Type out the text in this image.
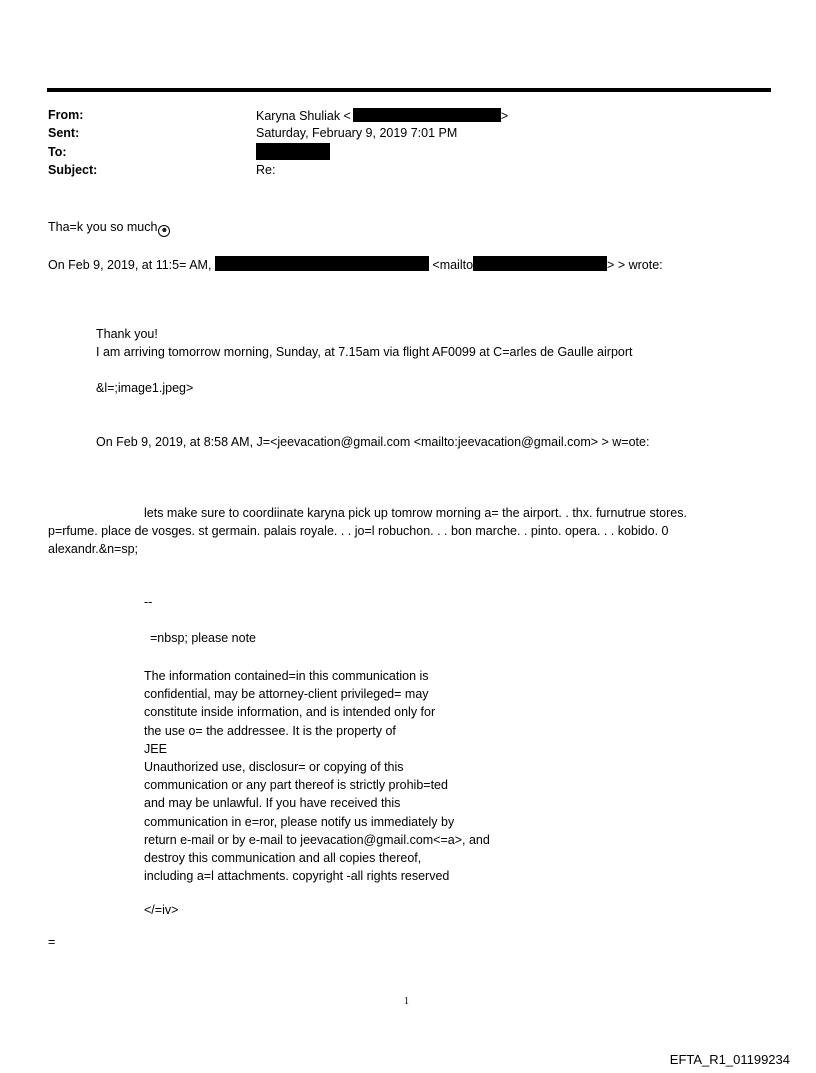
From:	Karyna Shuliak <	>
Sent:	Saturday, February 9, 2019 7:01 PM
To:
Subject:	Re:
Tha=k you so much ☻
On Feb 9, 2019, at 11:5= AM,	<mailto	> > wrote:
Thank you!
I am arriving tomorrow morning, Sunday, at 7.15am via flight AF0099 at C=arles de Gaulle airport
&l=;image1.jpeg>
On Feb 9, 2019, at 8:58 AM, J=<jeevacation@gmail.com <mailto:jeevacation@gmail.com> > w=ote:
lets make sure to coordiinate karyna pick up tomrow morning a= the airport. . thx. furnutrue stores.
p=rfume. place de vosges. st germain. palais royale. . . jo=l robuchon. . . bon marche. . pinto. opera. . . kobido. 0
alexandr.&n=sp;
--
=nbsp; please note
The information contained=in this communication is
confidential, may be attorney-client privileged= may
constitute inside information, and is intended only for
the use o= the addressee. It is the property of
JEE
Unauthorized use, disclosur= or copying of this
communication or any part thereof is strictly prohib=ted
and may be unlawful. If you have received this
communication in e=ror, please notify us immediately by
return e-mail or by e-mail to jeevacation@gmail.com<=a>, and
destroy this communication and all copies thereof,
including a=l attachments. copyright -all rights reserved
</=iv>
=
1
EFTA_R1_01199234
